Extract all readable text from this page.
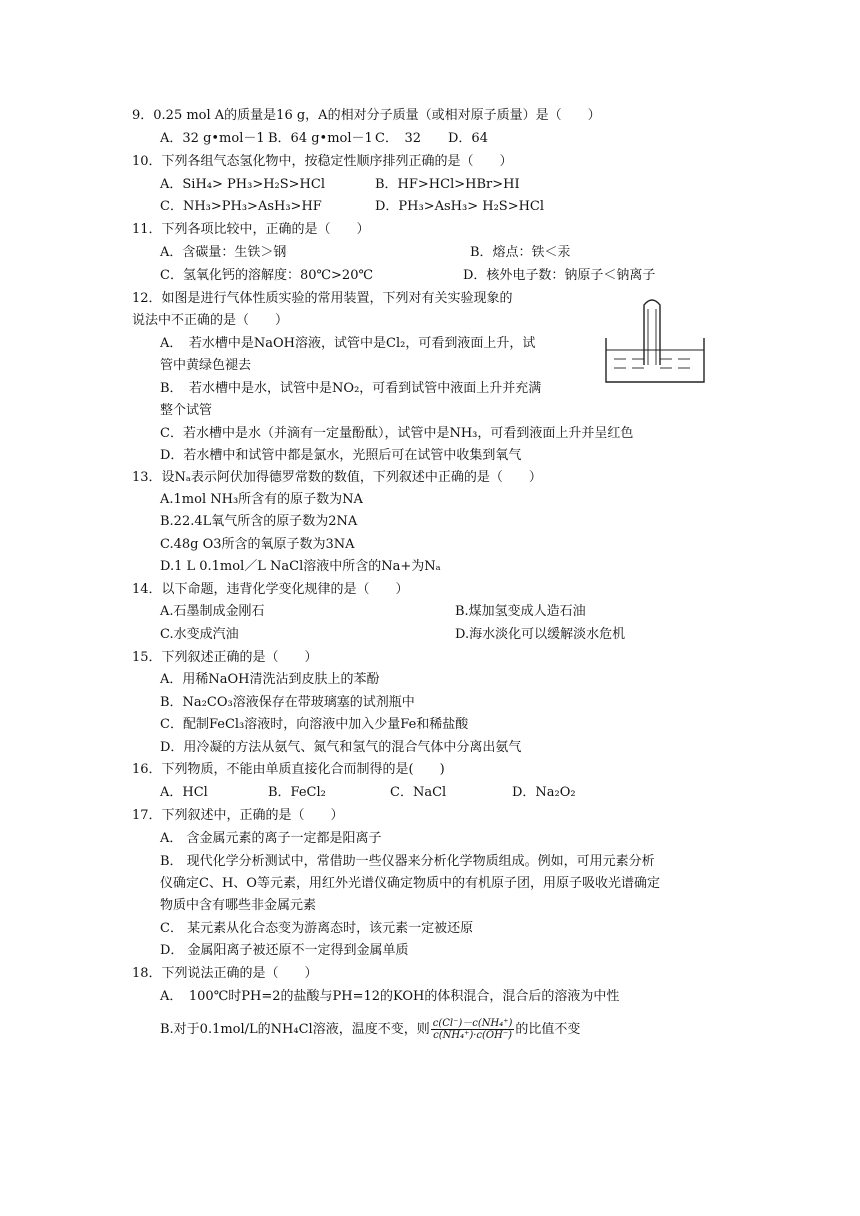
9．0.25 mol A的质量是16 g，A的相对分子质量（或相对原子质量）是（　　）
A．32 g•mol－1 B．64 g•mol－1 C．　32 D．64
10．下列各组气态氢化物中，按稳定性顺序排列正确的是（　　）
A．SiH₄> PH₃>H₂S>HCl	B．HF>HCl>HBr>HI
C．NH₃>PH₃>AsH₃>HF	D．PH₃>AsH₃> H₂S>HCl
11．下列各项比较中，正确的是（　　）
A．含碳量：生铁＞钢	B．熔点：铁＜汞
C．氢氧化钙的溶解度：80℃>20℃	D．核外电子数：钠原子＜钠离子
12．如图是进行气体性质实验的常用装置，下列对有关实验现象的
说法中不正确的是（　　）
A．　若水槽中是NaOH溶液，试管中是Cl₂，可看到液面上升，试
管中黄绿色褪去
B．　若水槽中是水，试管中是NO₂，可看到试管中液面上升并充满
整个试管
C．若水槽中是水（并滴有一定量酚酞），试管中是NH₃，可看到液面上升并呈红色
D．若水槽中和试管中都是氯水，光照后可在试管中收集到氧气
13．设Nₐ表示阿伏加得德罗常数的数值，下列叙述中正确的是（　　）
A.1mol NH₃所含有的原子数为NA
B.22.4L氧气所含的原子数为2NA
C.48g O3所含的氧原子数为3NA
D.1 L 0.1mol／L NaCl溶液中所含的Na+为Nₐ
14．以下命题，违背化学变化规律的是（　　）
A.石墨制成金刚石	B.煤加氢变成人造石油
C.水变成汽油	D.海水淡化可以缓解淡水危机
15．下列叙述正确的是（　　）
A．用稀NaOH清洗沾到皮肤上的苯酚
B．Na₂CO₃溶液保存在带玻璃塞的试剂瓶中
C．配制FeCl₃溶液时，向溶液中加入少量Fe和稀盐酸
D．用冷凝的方法从氨气、氮气和氢气的混合气体中分离出氨气
16．下列物质，不能由单质直接化合而制得的是(　　)
A．HCl	B．FeCl₂	C．NaCl	D．Na₂O₂
17．下列叙述中，正确的是（　　）
A． 含金属元素的离子一定都是阳离子
B． 现代化学分析测试中，常借助一些仪器来分析化学物质组成。例如，可用元素分析
仪确定C、H、O等元素，用红外光谱仪确定物质中的有机原子团，用原子吸收光谱确定
物质中含有哪些非金属元素
C． 某元素从化合态变为游离态时，该元素一定被还原
D． 金属阳离子被还原不一定得到金属单质
18．下列说法正确的是（　　）
A．　100℃时PH=2的盐酸与PH=12的KOH的体积混合，混合后的溶液为中性
B.对于0.1mol/L的NH₄Cl溶液，温度不变，则 $\frac{\text{c(Cl⁻)－c(NH₄⁺)}}{\text{c(NH₄⁺)·c(OH⁻)}}$ 的比值不变
